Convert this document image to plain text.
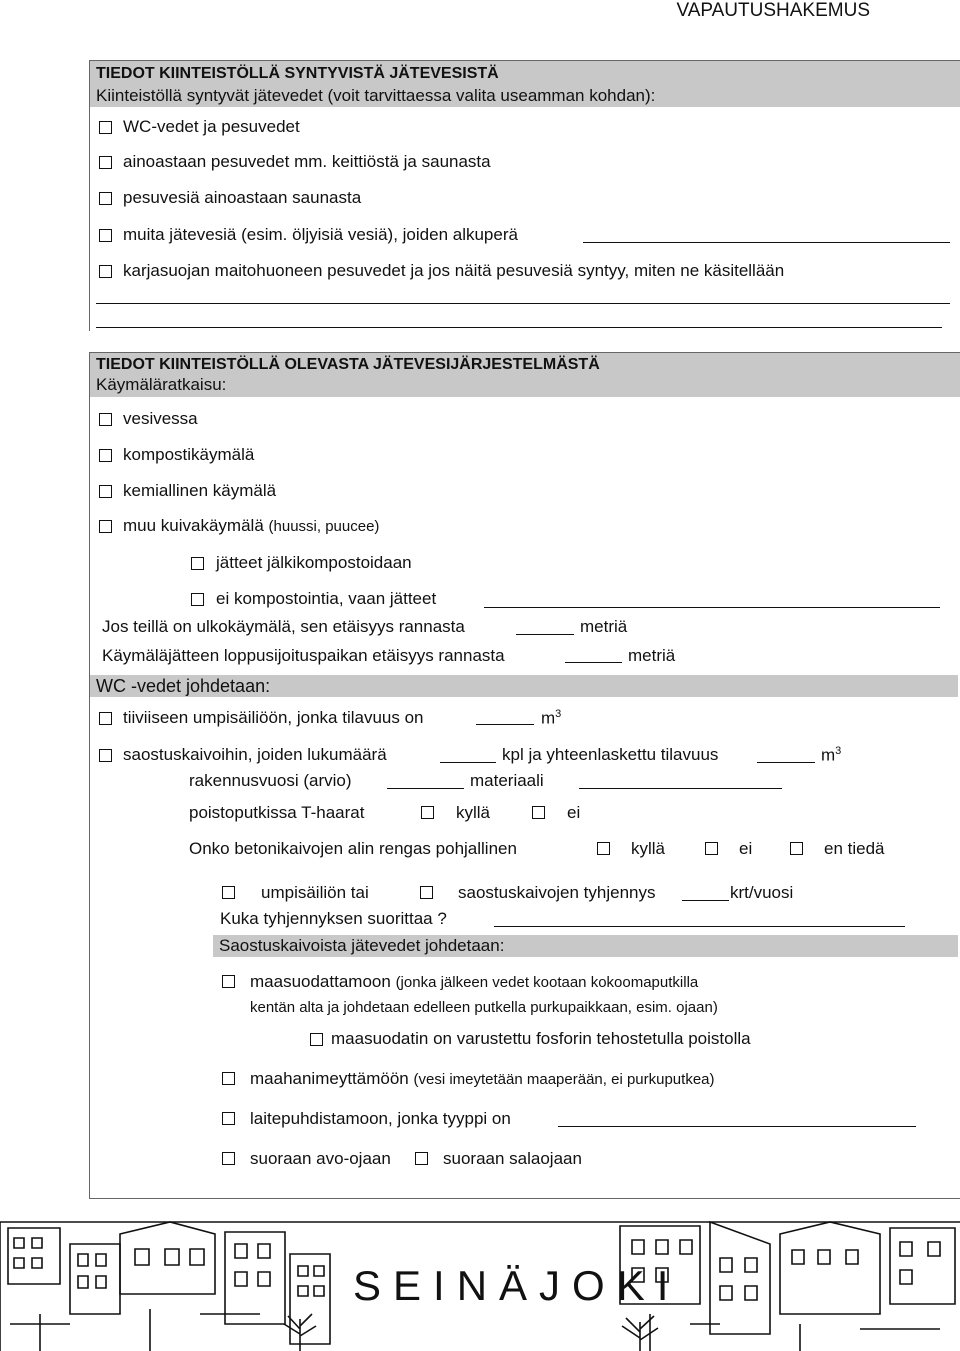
VAPAUTUSHAKEMUS
TIEDOT KIINTEISTÖLLÄ SYNTYVISTÄ JÄTEVESISTÄ
Kiinteistöllä syntyvät jätevedet (voit tarvittaessa valita useamman kohdan):
WC-vedet ja pesuvedet
ainoastaan pesuvedet mm. keittiöstä ja saunasta
pesuvesiä ainoastaan saunasta
muita jätevesiä (esim. öljyisiä vesiä), joiden alkuperä
karjasuojan maitohuoneen pesuvedet ja jos näitä pesuvesiä syntyy, miten ne käsitellään
TIEDOT KIINTEISTÖLLÄ OLEVASTA JÄTEVESIJÄRJESTELMÄSTÄ
Käymäläratkaisu:
vesivessa
kompostikäymälä
kemiallinen käymälä
muu kuivakäymälä (huussi, puucee)
jätteet jälkikompostoidaan
ei kompostointia, vaan jätteet
Jos teillä on ulkokäymälä, sen etäisyys rannasta	metriä
Käymäläjätteen loppusijoituspaikan etäisyys rannasta	metriä
WC -vedet johdetaan:
tiiviiseen umpisäiliöön, jonka tilavuus on	$m^3$
saostuskaivoihin, joiden lukumäärä	kpl ja yhteenlaskettu tilavuus	$m^3$
rakennusvuosi (arvio)	materiaali
poistoputkissa T-haarat	kyllä	ei
Onko betonikaivojen alin rengas pohjallinen	kyllä	ei	en tiedä
umpisäiliön tai	saostuskaivojen tyhjennys	krt/vuosi
Kuka tyhjennyksen suorittaa ?
Saostuskaivoista jätevedet johdetaan:
maasuodattamoon (jonka jälkeen vedet kootaan kokoomaputkilla
kentän alta ja johdetaan edelleen putkella purkupaikkaan, esim. ojaan)
maasuodatin on varustettu fosforin tehostetulla poistolla
maahanimeyttämöön (vesi imeytetään maaperään, ei purkuputkea)
laitepuhdistamoon, jonka tyyppi on
suoraan avo-ojaan	suoraan salaojaan
SEINÄJOKI
